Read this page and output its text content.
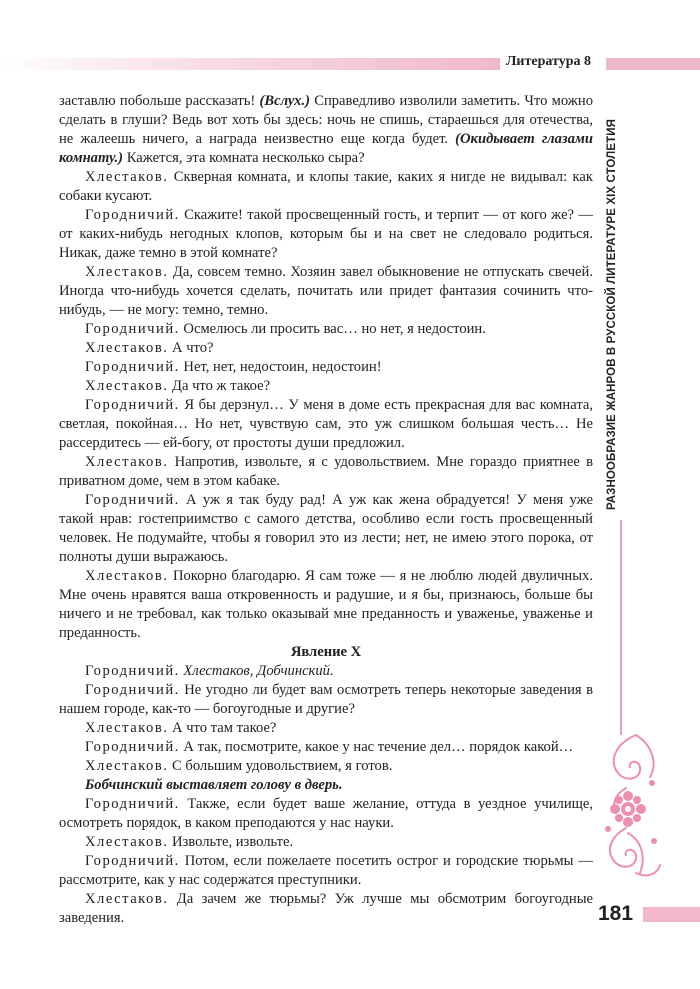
Литература 8
РАЗНООБРАЗИЕ ЖАНРОВ В РУССКОЙ ЛИТЕРАТУРЕ XIX СТОЛЕТИЯ
181

заставлю побольше рассказать! (Вслух.) Справедливо изволили заметить. Что можно сделать в глуши? Ведь вот хоть бы здесь: ночь не спишь, стараешься для отечества, не жалеешь ничего, а награда неизвестно еще когда будет. (Окидывает глазами комнату.) Кажется, эта комната несколько сыра?

Хлестаков. Скверная комната, и клопы такие, каких я нигде не видывал: как собаки кусают.

Городничий. Скажите! такой просвещенный гость, и терпит — от кого же? — от каких-нибудь негодных клопов, которым бы и на свет не следовало родиться. Никак, даже темно в этой комнате?

Хлестаков. Да, совсем темно. Хозяин завел обыкновение не отпускать свечей. Иногда что-нибудь хочется сделать, почитать или придет фантазия сочинить что-нибудь, — не могу: темно, темно.

Городничий. Осмелюсь ли просить вас… но нет, я недостоин.

Хлестаков. А что?

Городничий. Нет, нет, недостоин, недостоин!

Хлестаков. Да что ж такое?

Городничий. Я бы дерзнул… У меня в доме есть прекрасная для вас комната, светлая, покойная… Но нет, чувствую сам, это уж слишком большая честь… Не рассердитесь — ей-богу, от простоты души предложил.

Хлестаков. Напротив, извольте, я с удовольствием. Мне гораздо приятнее в приватном доме, чем в этом кабаке.

Городничий. А уж я так буду рад! А уж как жена обрадуется! У меня уже такой нрав: гостеприимство с самого детства, особливо если гость просвещенный человек. Не подумайте, чтобы я говорил это из лести; нет, не имею этого порока, от полноты души выражаюсь.

Хлестаков. Покорно благодарю. Я сам тоже — я не люблю людей двуличных. Мне очень нравятся ваша откровенность и радушие, и я бы, признаюсь, больше бы ничего и не требовал, как только оказывай мне преданность и уваженье, уваженье и преданность.

Явление X

Городничий. Хлестаков, Добчинский.

Городничий. Не угодно ли будет вам осмотреть теперь некоторые заведения в нашем городе, как-то — богоугодные и другие?

Хлестаков. А что там такое?

Городничий. А так, посмотрите, какое у нас течение дел… порядок какой…

Хлестаков. С большим удовольствием, я готов.

Бобчинский выставляет голову в дверь.

Городничий. Также, если будет ваше желание, оттуда в уездное училище, осмотреть порядок, в каком преподаются у нас науки.

Хлестаков. Извольте, извольте.

Городничий. Потом, если пожелаете посетить острог и городские тюрьмы — рассмотрите, как у нас содержатся преступники.

Хлестаков. Да зачем же тюрьмы? Уж лучше мы обсмотрим богоугодные заведения.
